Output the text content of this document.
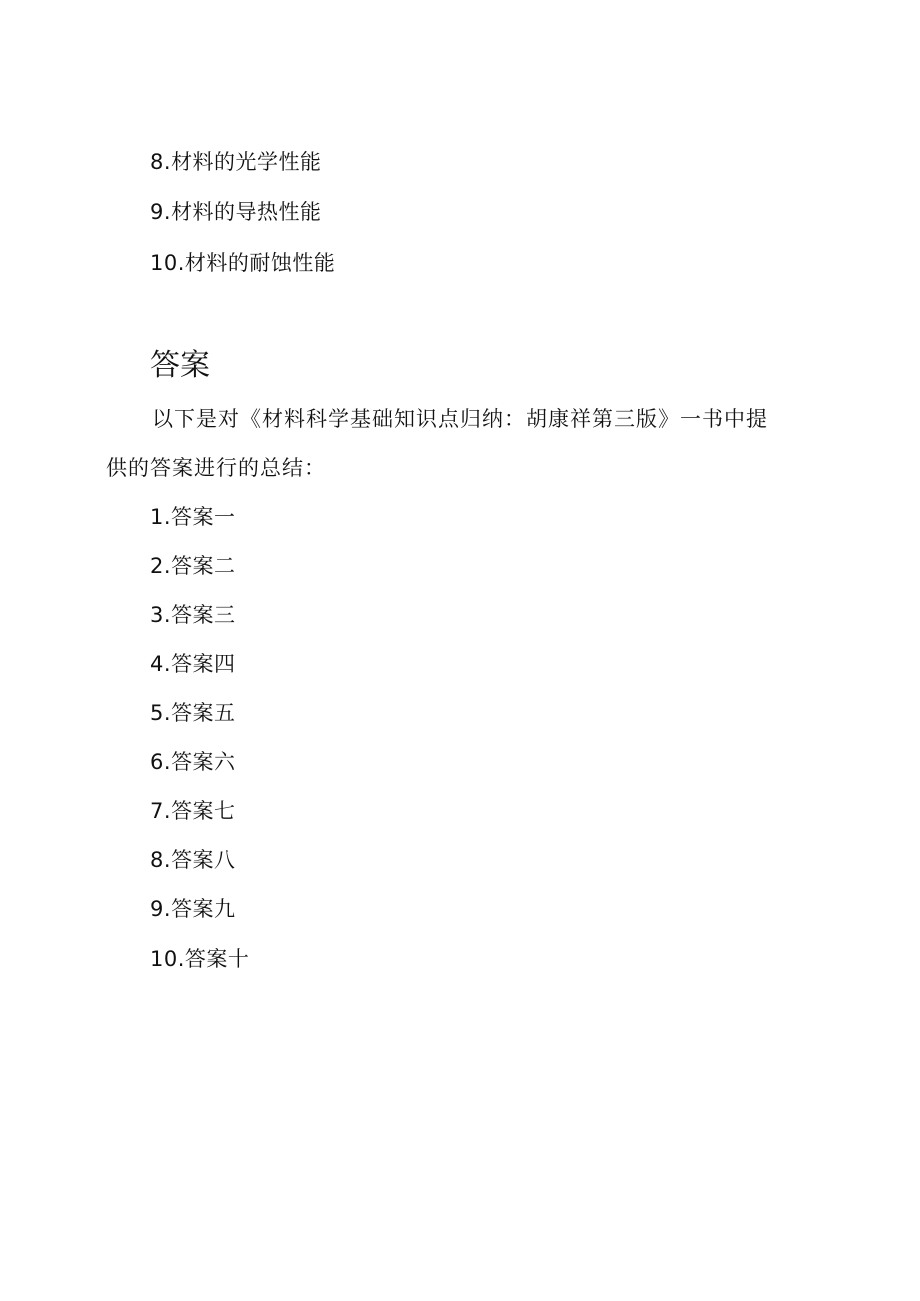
8.材料的光学性能
9.材料的导热性能
10.材料的耐蚀性能
答案
以下是对《材料科学基础知识点归纳：胡康祥第三版》一书中提
供的答案进行的总结：
1.答案一
2.答案二
3.答案三
4.答案四
5.答案五
6.答案六
7.答案七
8.答案八
9.答案九
10.答案十
